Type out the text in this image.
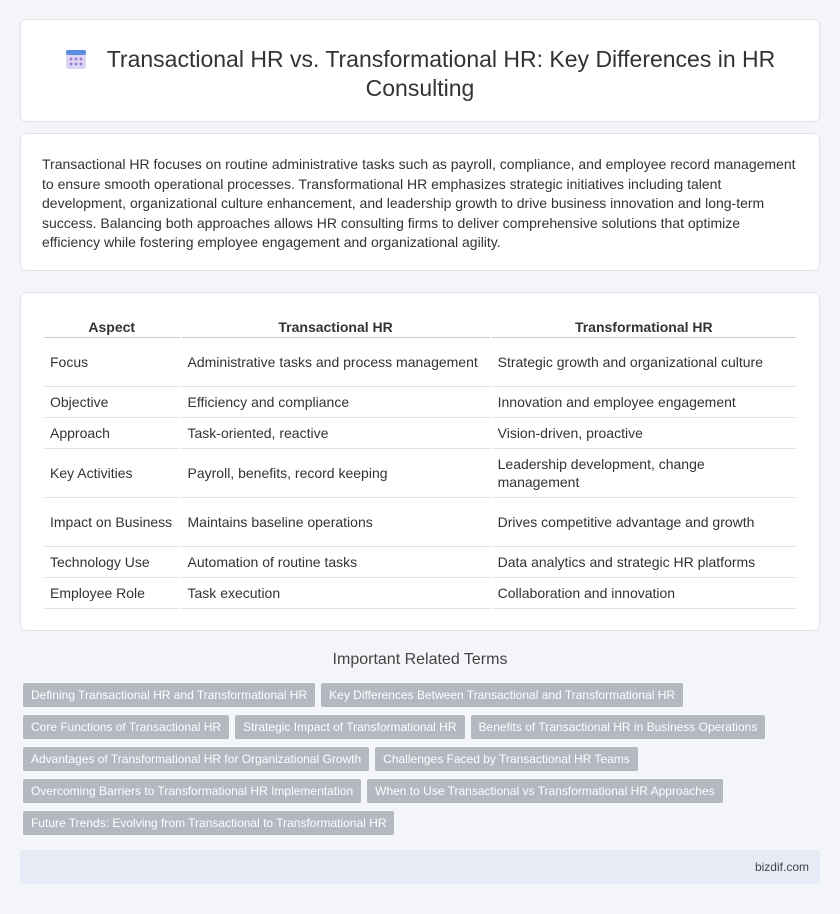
Transactional HR vs. Transformational HR: Key Differences in HR Consulting

Transactional HR focuses on routine administrative tasks such as payroll, compliance, and employee record management to ensure smooth operational processes. Transformational HR emphasizes strategic initiatives including talent development, organizational culture enhancement, and leadership growth to drive business innovation and long-term success. Balancing both approaches allows HR consulting firms to deliver comprehensive solutions that optimize efficiency while fostering employee engagement and organizational agility.

Aspect	Transactional HR	Transformational HR
Focus	Administrative tasks and process management	Strategic growth and organizational culture
Objective	Efficiency and compliance	Innovation and employee engagement
Approach	Task-oriented, reactive	Vision-driven, proactive
Key Activities	Payroll, benefits, record keeping	Leadership development, change management
Impact on Business	Maintains baseline operations	Drives competitive advantage and growth
Technology Use	Automation of routine tasks	Data analytics and strategic HR platforms
Employee Role	Task execution	Collaboration and innovation
Important Related Terms
Defining Transactional HR and Transformational HR	Key Differences Between Transactional and Transformational HR
Core Functions of Transactional HR	Strategic Impact of Transformational HR	Benefits of Transactional HR in Business Operations
Advantages of Transformational HR for Organizational Growth	Challenges Faced by Transactional HR Teams
Overcoming Barriers to Transformational HR Implementation	When to Use Transactional vs Transformational HR Approaches
Future Trends: Evolving from Transactional to Transformational HR
bizdif.com
